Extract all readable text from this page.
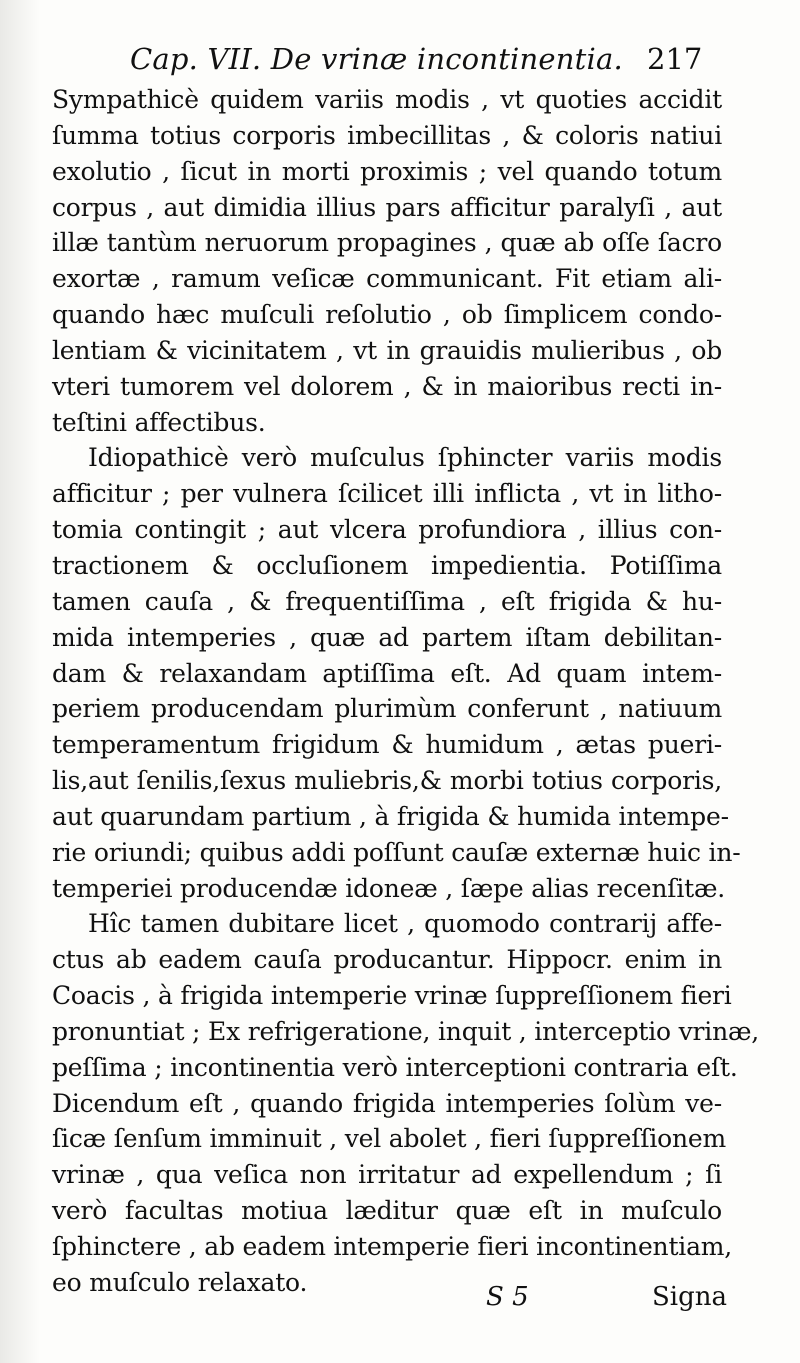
Cap. VII. De vrinæ incontinentia. 217
Sympathicè quidem variis modis , vt quoties accidit
ſumma totius corporis imbecillitas , & coloris natiui
exolutio , ſicut in morti proximis ; vel quando totum
corpus , aut dimidia illius pars afficitur paralyſi , aut
illæ tantùm neruorum propagines , quæ ab oſſe ſacro
exortæ , ramum veſicæ communicant. Fit etiam ali-
quando hæc muſculi reſolutio , ob ſimplicem condo-
lentiam & vicinitatem , vt in grauidis mulieribus , ob
vteri tumorem vel dolorem , & in maioribus recti in-
teſtini affectibus.
Idiopathicè verò muſculus ſphincter variis modis
afficitur ; per vulnera ſcilicet illi inflicta , vt in litho-
tomia contingit ; aut vlcera profundiora , illius con-
tractionem & occluſionem impedientia. Potiſſima
tamen cauſa , & frequentiſſima , eſt frigida & hu-
mida intemperies , quæ ad partem iſtam debilitan-
dam & relaxandam aptiſſima eſt. Ad quam intem-
periem producendam plurimùm conferunt , natiuum
temperamentum frigidum & humidum , ætas pueri-
lis,aut ſenilis,ſexus muliebris,& morbi totius corporis,
aut quarundam partium , à frigida & humida intempe-
rie oriundi; quibus addi poſſunt cauſæ externæ huic in-
temperiei producendæ idoneæ , ſæpe alias recenſitæ.
Hîc tamen dubitare licet , quomodo contrarij affe-
ctus ab eadem cauſa producantur. Hippocr. enim in
Coacis , à frigida intemperie vrinæ ſuppreſſionem fieri
pronuntiat ; Ex refrigeratione, inquit , interceptio vrinæ,
peſſima ; incontinentia verò interceptioni contraria eſt.
Dicendum eſt , quando frigida intemperies ſolùm ve-
ſicæ ſenſum imminuit , vel abolet , fieri ſuppreſſionem
vrinæ , qua veſica non irritatur ad expellendum ; ſi
verò facultas motiua læditur quæ eſt in muſculo
ſphinctere , ab eadem intemperie fieri incontinentiam,
eo muſculo relaxato.	S 5	Signa
